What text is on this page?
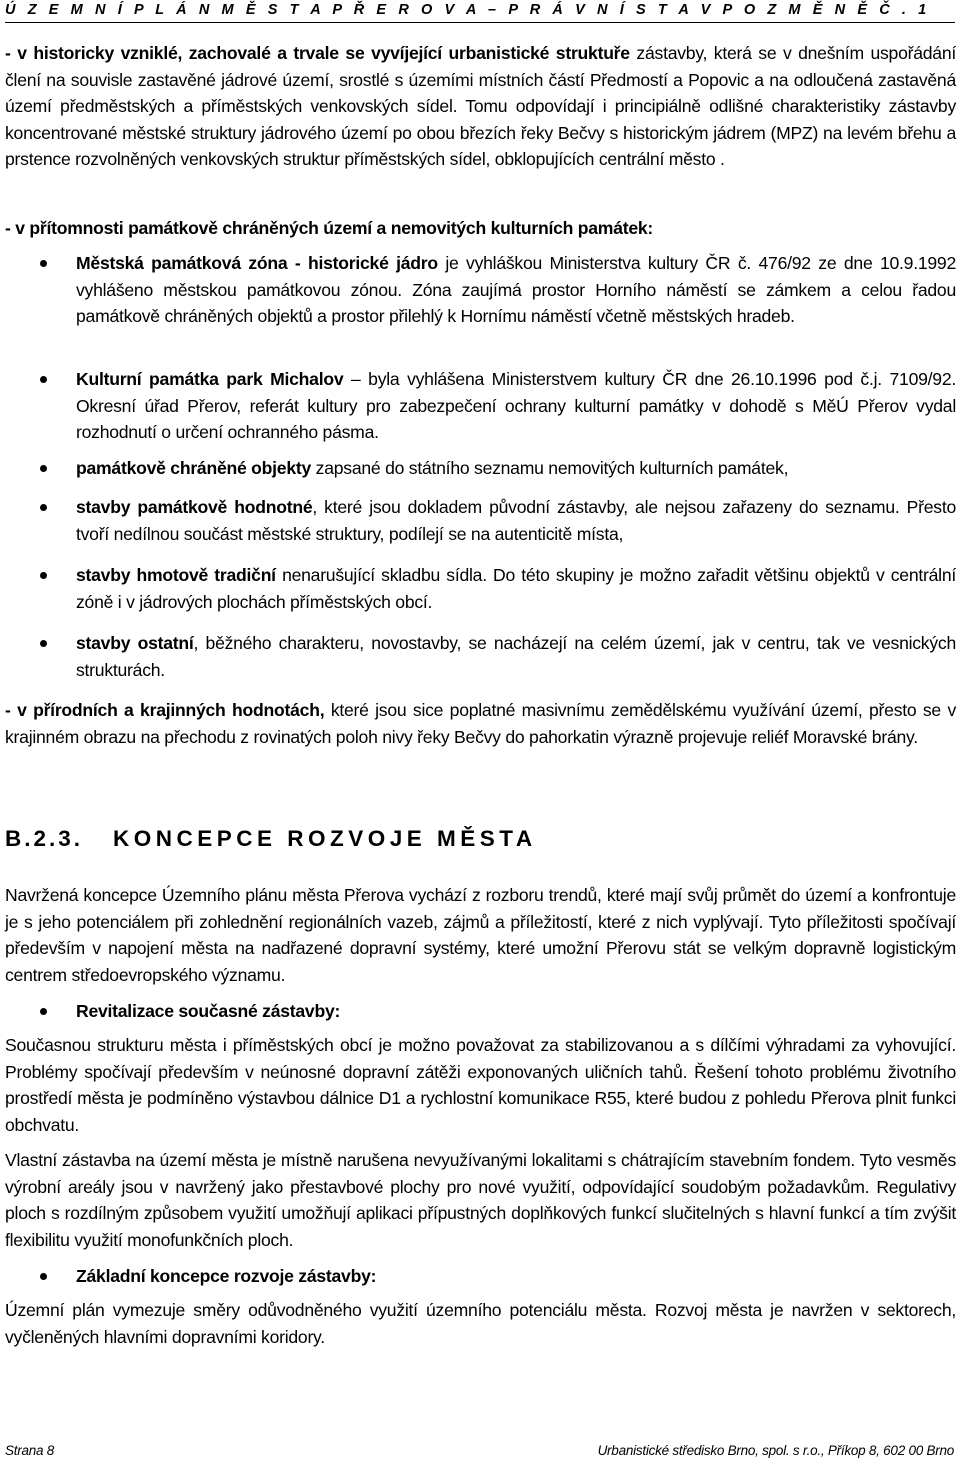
Ú Z E M N Í P L Á N M Ě S T A P Ř E R O V A – P R Á V N Í S T A V P O Z M Ě N Ě Č . 1

- v historicky vzniklé, zachovalé a trvale se vyvíjející urbanistické struktuře zástavby, která se v dnešním uspořádání člení na souvisle zastavěné jádrové území, srostlé s územími místních částí Předmostí a Popovic a na odloučená zastavěná území předměstských a příměstských venkovských sídel. Tomu odpovídají i principiálně odlišné charakteristiky zástavby koncentrované městské struktury jádrového území po obou březích řeky Bečvy s historickým jádrem (MPZ) na levém břehu a prstence rozvolněných venkovských struktur příměstských sídel, obklopujících centrální město .

- v přítomnosti památkově chráněných území a nemovitých kulturních památek:

Městská památková zóna - historické jádro je vyhláškou Ministerstva kultury ČR č. 476/92 ze dne 10.9.1992 vyhlášeno městskou památkovou zónou. Zóna zaujímá prostor Horního náměstí se zámkem a celou řadou památkově chráněných objektů a prostor přilehlý k Hornímu náměstí včetně městských hradeb.
Kulturní památka park Michalov – byla vyhlášena Ministerstvem kultury ČR dne 26.10.1996 pod č.j. 7109/92. Okresní úřad Přerov, referát kultury pro zabezpečení ochrany kulturní památky v dohodě s MěÚ Přerov vydal rozhodnutí o určení ochranného pásma.
památkově chráněné objekty zapsané do státního seznamu nemovitých kulturních památek,
stavby památkově hodnotné, které jsou dokladem původní zástavby, ale nejsou zařazeny do seznamu. Přesto tvoří nedílnou součást městské struktury, podílejí se na autenticitě místa,
stavby hmotově tradiční nenarušující skladbu sídla. Do této skupiny je možno zařadit většinu objektů v centrální zóně i v jádrových plochách příměstských obcí.
stavby ostatní, běžného charakteru, novostavby, se nacházejí na celém území, jak v centru, tak ve vesnických strukturách.

- v přírodních a krajinných hodnotách, které jsou sice poplatné masivnímu zemědělskému využívání území, přesto se v krajinném obrazu na přechodu z rovinatých poloh nivy řeky Bečvy do pahorkatin výrazně projevuje reliéf Moravské brány.

B.2.3. KONCEPCE ROZVOJE MĚSTA

Navržená koncepce Územního plánu města Přerova vychází z rozboru trendů, které mají svůj průmět do území a konfrontuje je s jeho potenciálem při zohlednění regionálních vazeb, zájmů a příležitostí, které z nich vyplývají. Tyto příležitosti spočívají především v napojení města na nadřazené dopravní systémy, které umožní Přerovu stát se velkým dopravně logistickým centrem středoevropského významu.

Revitalizace současné zástavby:

Současnou strukturu města i příměstských obcí je možno považovat za stabilizovanou a s dílčími výhradami za vyhovující. Problémy spočívají především v neúnosné dopravní zátěži exponovaných uličních tahů. Řešení tohoto problému životního prostředí města je podmíněno výstavbou dálnice D1 a rychlostní komunikace R55, které budou z pohledu Přerova plnit funkci obchvatu.

Vlastní zástavba na území města je místně narušena nevyužívanými lokalitami s chátrajícím stavebním fondem. Tyto vesměs výrobní areály jsou v navržený jako přestavbové plochy pro nové využití, odpovídající soudobým požadavkům. Regulativy ploch s rozdílným způsobem využití umožňují aplikaci přípustných doplňkových funkcí slučitelných s hlavní funkcí a tím zvýšit flexibilitu využití monofunkčních ploch.

Základní koncepce rozvoje zástavby:

Územní plán vymezuje směry odůvodněného využití územního potenciálu města. Rozvoj města je navržen v sektorech, vyčleněných hlavními dopravními koridory.

Strana 8	Urbanistické středisko Brno, spol. s r.o., Příkop 8, 602 00 Brno
